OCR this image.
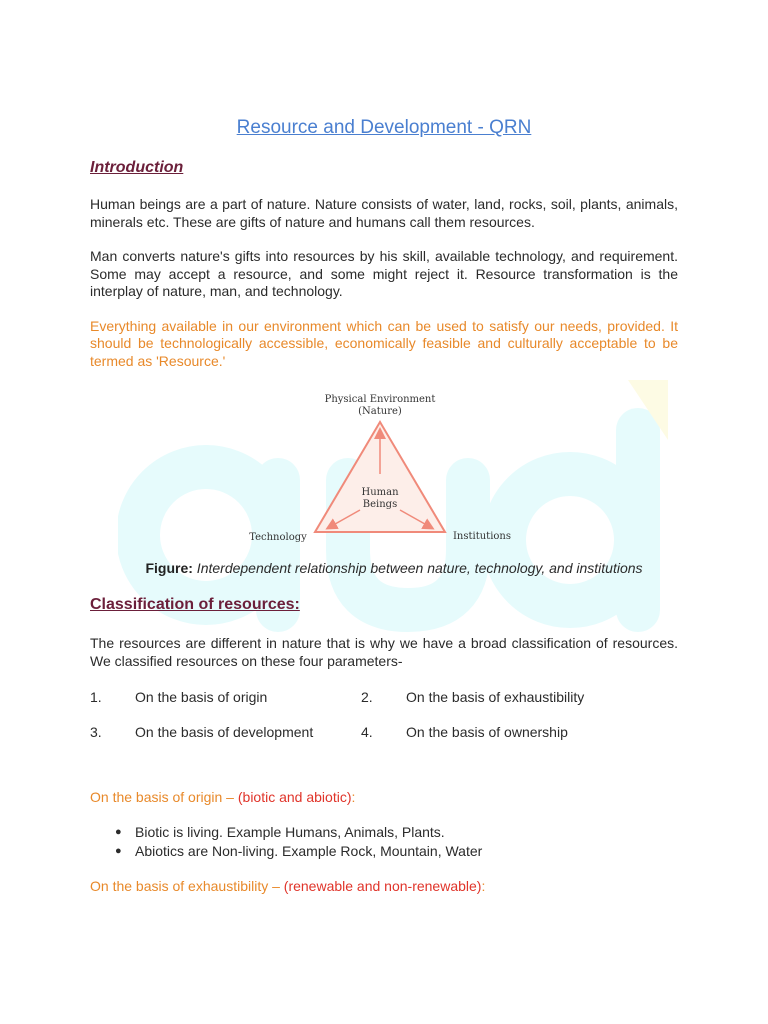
Resource and Development - QRN
Introduction

Human beings are a part of nature. Nature consists of water, land, rocks, soil, plants, animals, minerals etc. These are gifts of nature and humans call them resources.

Man converts nature's gifts into resources by his skill, available technology, and requirement. Some may accept a resource, and some might reject it. Resource transformation is the interplay of nature, man, and technology.

Everything available in our environment which can be used to satisfy our needs, provided. It should be technologically accessible, economically feasible and culturally acceptable to be termed as 'Resource.'

Physical Environment
(Nature)
Human
Beings
Technology	Institutions
Figure: Interdependent relationship between nature, technology, and institutions
Classification of resources:

The resources are different in nature that is why we have a broad classification of resources. We classified resources on these four parameters-

1.	On the basis of origin	2.	On the basis of exhaustibility
3.	On the basis of development	4.	On the basis of ownership
On the basis of origin – (biotic and abiotic):
● Biotic is living. Example Humans, Animals, Plants.
● Abiotics are Non-living. Example Rock, Mountain, Water
On the basis of exhaustibility – (renewable and non-renewable):
